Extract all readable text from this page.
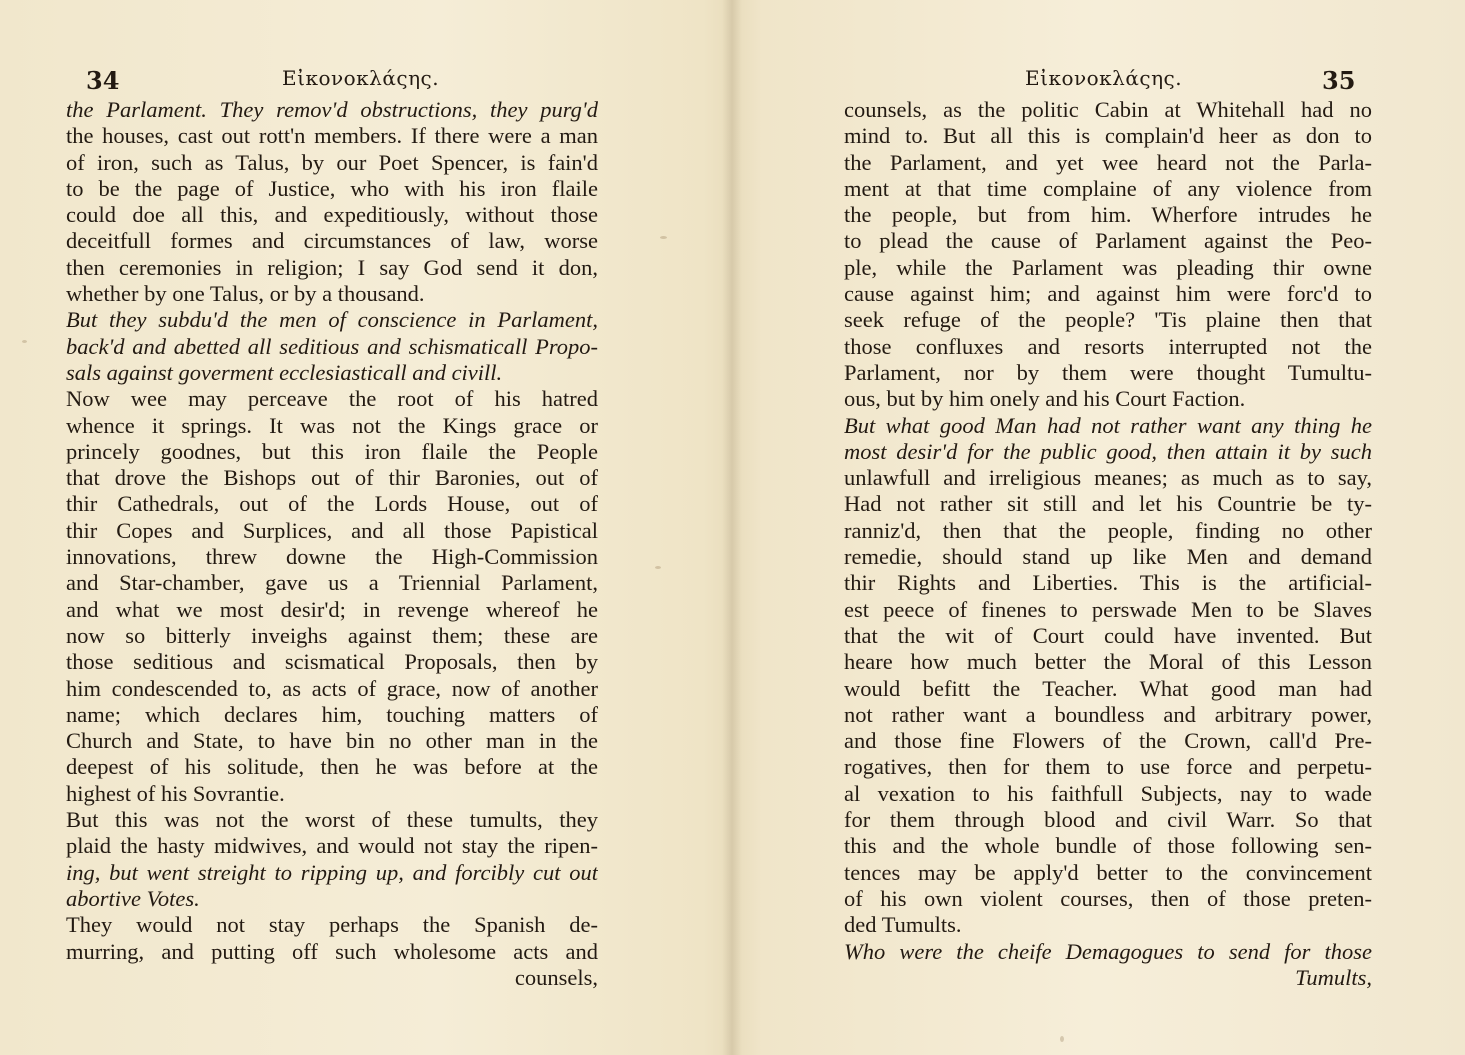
34	Εἰκονοκλάςης.
the Parlament. They remov'd obstructions, they purg'd
the houses, cast out rott'n members. If there were a man
of iron, such as Talus, by our Poet Spencer, is fain'd
to be the page of Justice, who with his iron flaile
could doe all this, and expeditiously, without those
deceitfull formes and circumstances of law, worse
then ceremonies in religion; I say God send it don,
whether by one Talus, or by a thousand.
But they subdu'd the men of conscience in Parlament,
back'd and abetted all seditious and schismaticall Propo-
sals against goverment ecclesiasticall and civill.
Now wee may perceave the root of his hatred
whence it springs. It was not the Kings grace or
princely goodnes, but this iron flaile the People
that drove the Bishops out of thir Baronies, out of
thir Cathedrals, out of the Lords House, out of
thir Copes and Surplices, and all those Papistical
innovations, threw downe the High-Commission
and Star-chamber, gave us a Triennial Parlament,
and what we most desir'd; in revenge whereof he
now so bitterly inveighs against them; these are
those seditious and scismatical Proposals, then by
him condescended to, as acts of grace, now of another
name; which declares him, touching matters of
Church and State, to have bin no other man in the
deepest of his solitude, then he was before at the
highest of his Sovrantie.
But this was not the worst of these tumults, they
plaid the hasty midwives, and would not stay the ripen-
ing, but went streight to ripping up, and forcibly cut out
abortive Votes.
They would not stay perhaps the Spanish de-
murring, and putting off such wholesome acts and
counsels,
35
Εἰκονοκλάςης.
counsels, as the politic Cabin at Whitehall had no
mind to. But all this is complain'd heer as don to
the Parlament, and yet wee heard not the Parla-
ment at that time complaine of any violence from
the people, but from him. Wherfore intrudes he
to plead the cause of Parlament against the Peo-
ple, while the Parlament was pleading thir owne
cause against him; and against him were forc'd to
seek refuge of the people? 'Tis plaine then that
those confluxes and resorts interrupted not the
Parlament, nor by them were thought Tumultu-
ous, but by him onely and his Court Faction.
But what good Man had not rather want any thing he
most desir'd for the public good, then attain it by such
unlawfull and irreligious meanes; as much as to say,
Had not rather sit still and let his Countrie be ty-
ranniz'd, then that the people, finding no other
remedie, should stand up like Men and demand
thir Rights and Liberties. This is the artificial-
est peece of finenes to perswade Men to be Slaves
that the wit of Court could have invented. But
heare how much better the Moral of this Lesson
would befitt the Teacher. What good man had
not rather want a boundless and arbitrary power,
and those fine Flowers of the Crown, call'd Pre-
rogatives, then for them to use force and perpetu-
al vexation to his faithfull Subjects, nay to wade
for them through blood and civil Warr. So that
this and the whole bundle of those following sen-
tences may be apply'd better to the convincement
of his own violent courses, then of those preten-
ded Tumults.
Who were the cheife Demagogues to send for those
Tumults,
